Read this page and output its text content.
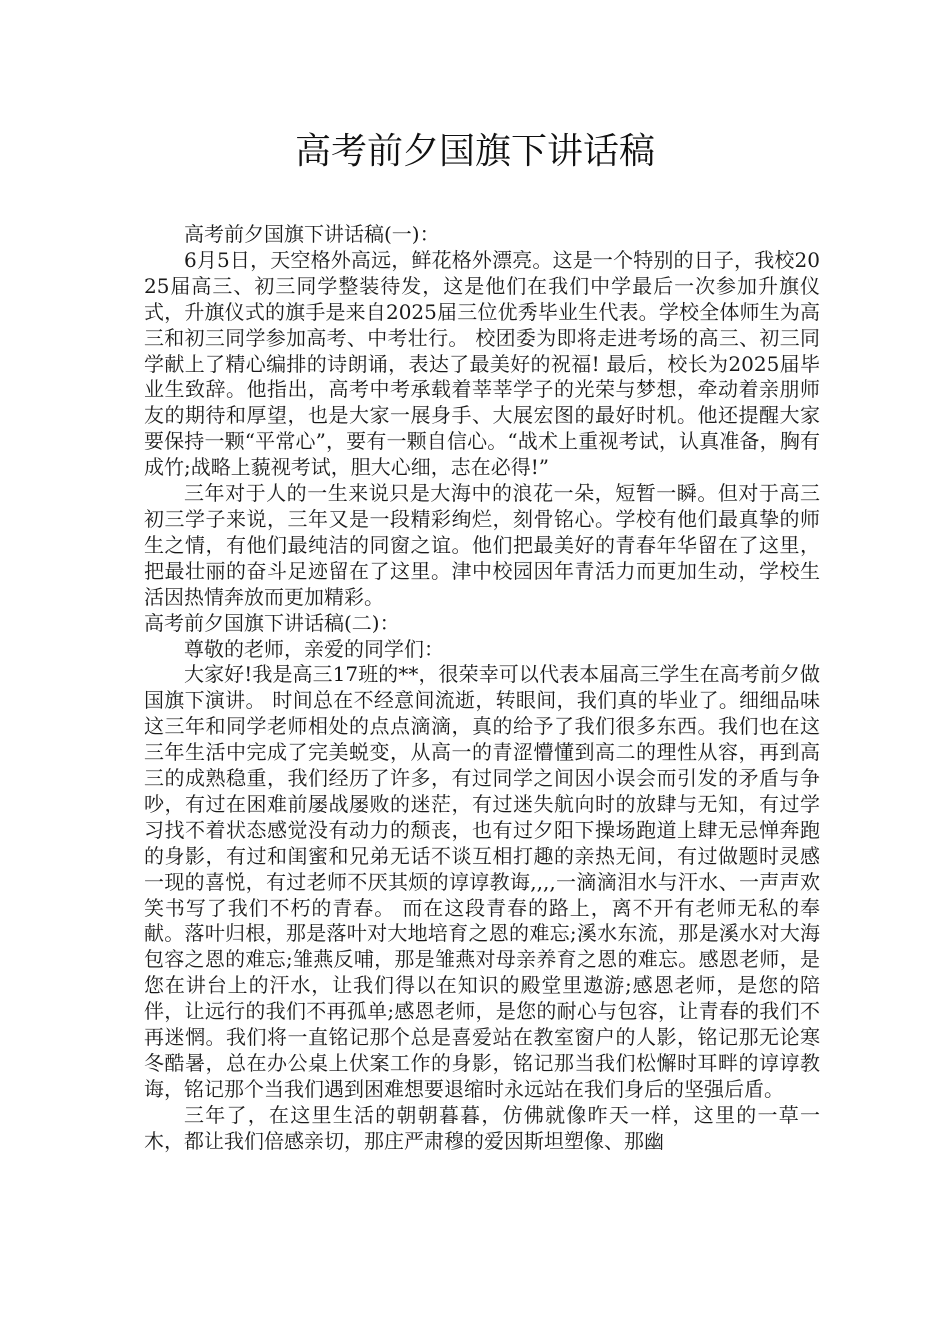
高考前夕国旗下讲话稿

高考前夕国旗下讲话稿(一)：

6月5日，天空格外高远，鲜花格外漂亮。这是一个特别的日子，我校2025届高三、初三同学整装待发，这是他们在我们中学最后一次参加升旗仪式，升旗仪式的旗手是来自2025届三位优秀毕业生代表。学校全体师生为高三和初三同学参加高考、中考壮行。 校团委为即将走进考场的高三、初三同学献上了精心编排的诗朗诵，表达了最美好的祝福! 最后，校长为2025届毕业生致辞。他指出，高考中考承载着莘莘学子的光荣与梦想，牵动着亲朋师友的期待和厚望，也是大家一展身手、大展宏图的最好时机。他还提醒大家要保持一颗“平常心”，要有一颗自信心。“战术上重视考试，认真准备，胸有成竹;战略上藐视考试，胆大心细，志在必得!”

三年对于人的一生来说只是大海中的浪花一朵，短暂一瞬。但对于高三初三学子来说，三年又是一段精彩绚烂，刻骨铭心。学校有他们最真挚的师生之情，有他们最纯洁的同窗之谊。他们把最美好的青春年华留在了这里，把最壮丽的奋斗足迹留在了这里。津中校园因年青活力而更加生动，学校生活因热情奔放而更加精彩。

高考前夕国旗下讲话稿(二)：

尊敬的老师，亲爱的同学们：

大家好!我是高三17班的**，很荣幸可以代表本届高三学生在高考前夕做国旗下演讲。 时间总在不经意间流逝，转眼间，我们真的毕业了。细细品味这三年和同学老师相处的点点滴滴，真的给予了我们很多东西。我们也在这三年生活中完成了完美蜕变，从高一的青涩懵懂到高二的理性从容，再到高三的成熟稳重，我们经历了许多，有过同学之间因小误会而引发的矛盾与争吵，有过在困难前屡战屡败的迷茫，有过迷失航向时的放肆与无知，有过学习找不着状态感觉没有动力的颓丧，也有过夕阳下操场跑道上肆无忌惮奔跑的身影，有过和闺蜜和兄弟无话不谈互相打趣的亲热无间，有过做题时灵感一现的喜悦，有过老师不厌其烦的谆谆教诲,,,,一滴滴泪水与汗水、一声声欢笑书写了我们不朽的青春。 而在这段青春的路上，离不开有老师无私的奉献。落叶归根，那是落叶对大地培育之恩的难忘;溪水东流，那是溪水对大海包容之恩的难忘;雏燕反哺，那是雏燕对母亲养育之恩的难忘。感恩老师，是您在讲台上的汗水，让我们得以在知识的殿堂里遨游;感恩老师，是您的陪伴，让远行的我们不再孤单;感恩老师，是您的耐心与包容，让青春的我们不再迷惘。我们将一直铭记那个总是喜爱站在教室窗户的人影，铭记那无论寒冬酷暑，总在办公桌上伏案工作的身影，铭记那当我们松懈时耳畔的谆谆教诲，铭记那个当我们遇到困难想要退缩时永远站在我们身后的坚强后盾。

三年了，在这里生活的朝朝暮暮，仿佛就像昨天一样，这里的一草一木，都让我们倍感亲切，那庄严肃穆的爱因斯坦塑像、那幽
